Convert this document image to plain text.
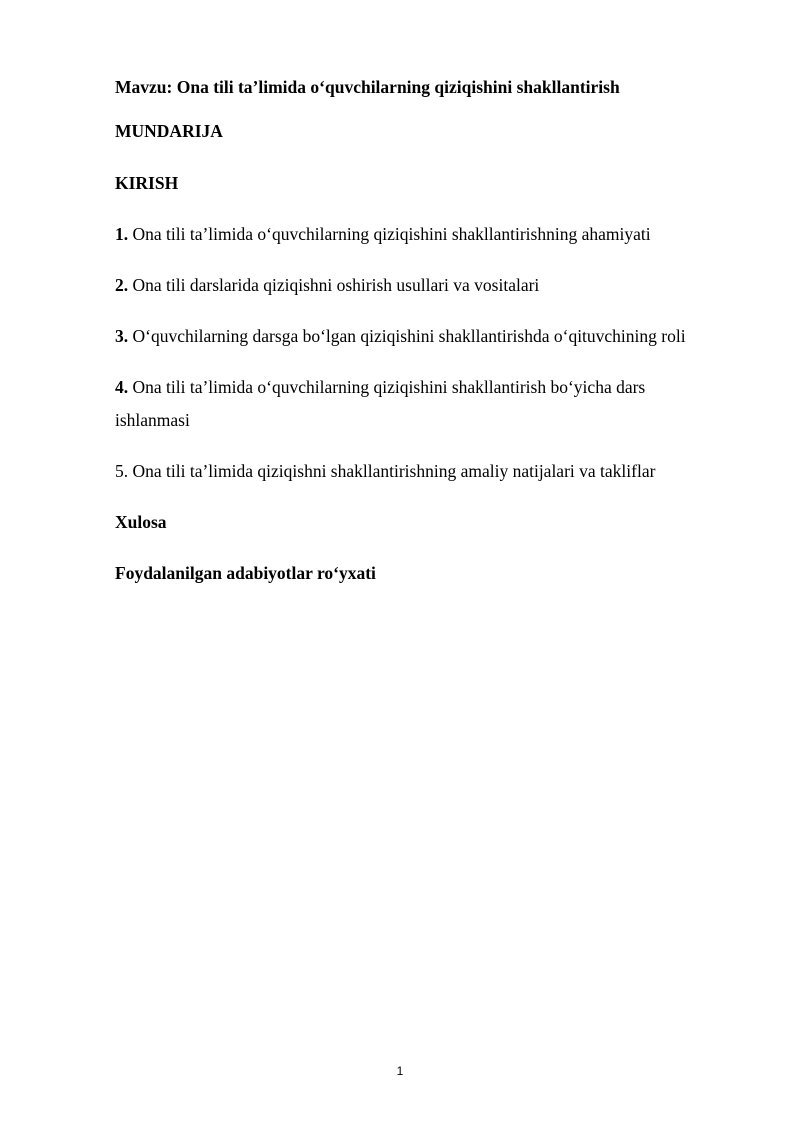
Mavzu: Ona tili ta’limida o‘quvchilarning qiziqishini shakllantirish

MUNDARIJA

KIRISH

1. Ona tili ta’limida o‘quvchilarning qiziqishini shakllantirishning ahamiyati

2. Ona tili darslarida qiziqishni oshirish usullari va vositalari

3. O‘quvchilarning darsga bo‘lgan qiziqishini shakllantirishda o‘qituvchining roli

4. Ona tili ta’limida o‘quvchilarning qiziqishini shakllantirish bo‘yicha dars

ishlanmasi

5. Ona tili ta’limida qiziqishni shakllantirishning amaliy natijalari va takliflar

Xulosa

Foydalanilgan adabiyotlar ro‘yxati

1
